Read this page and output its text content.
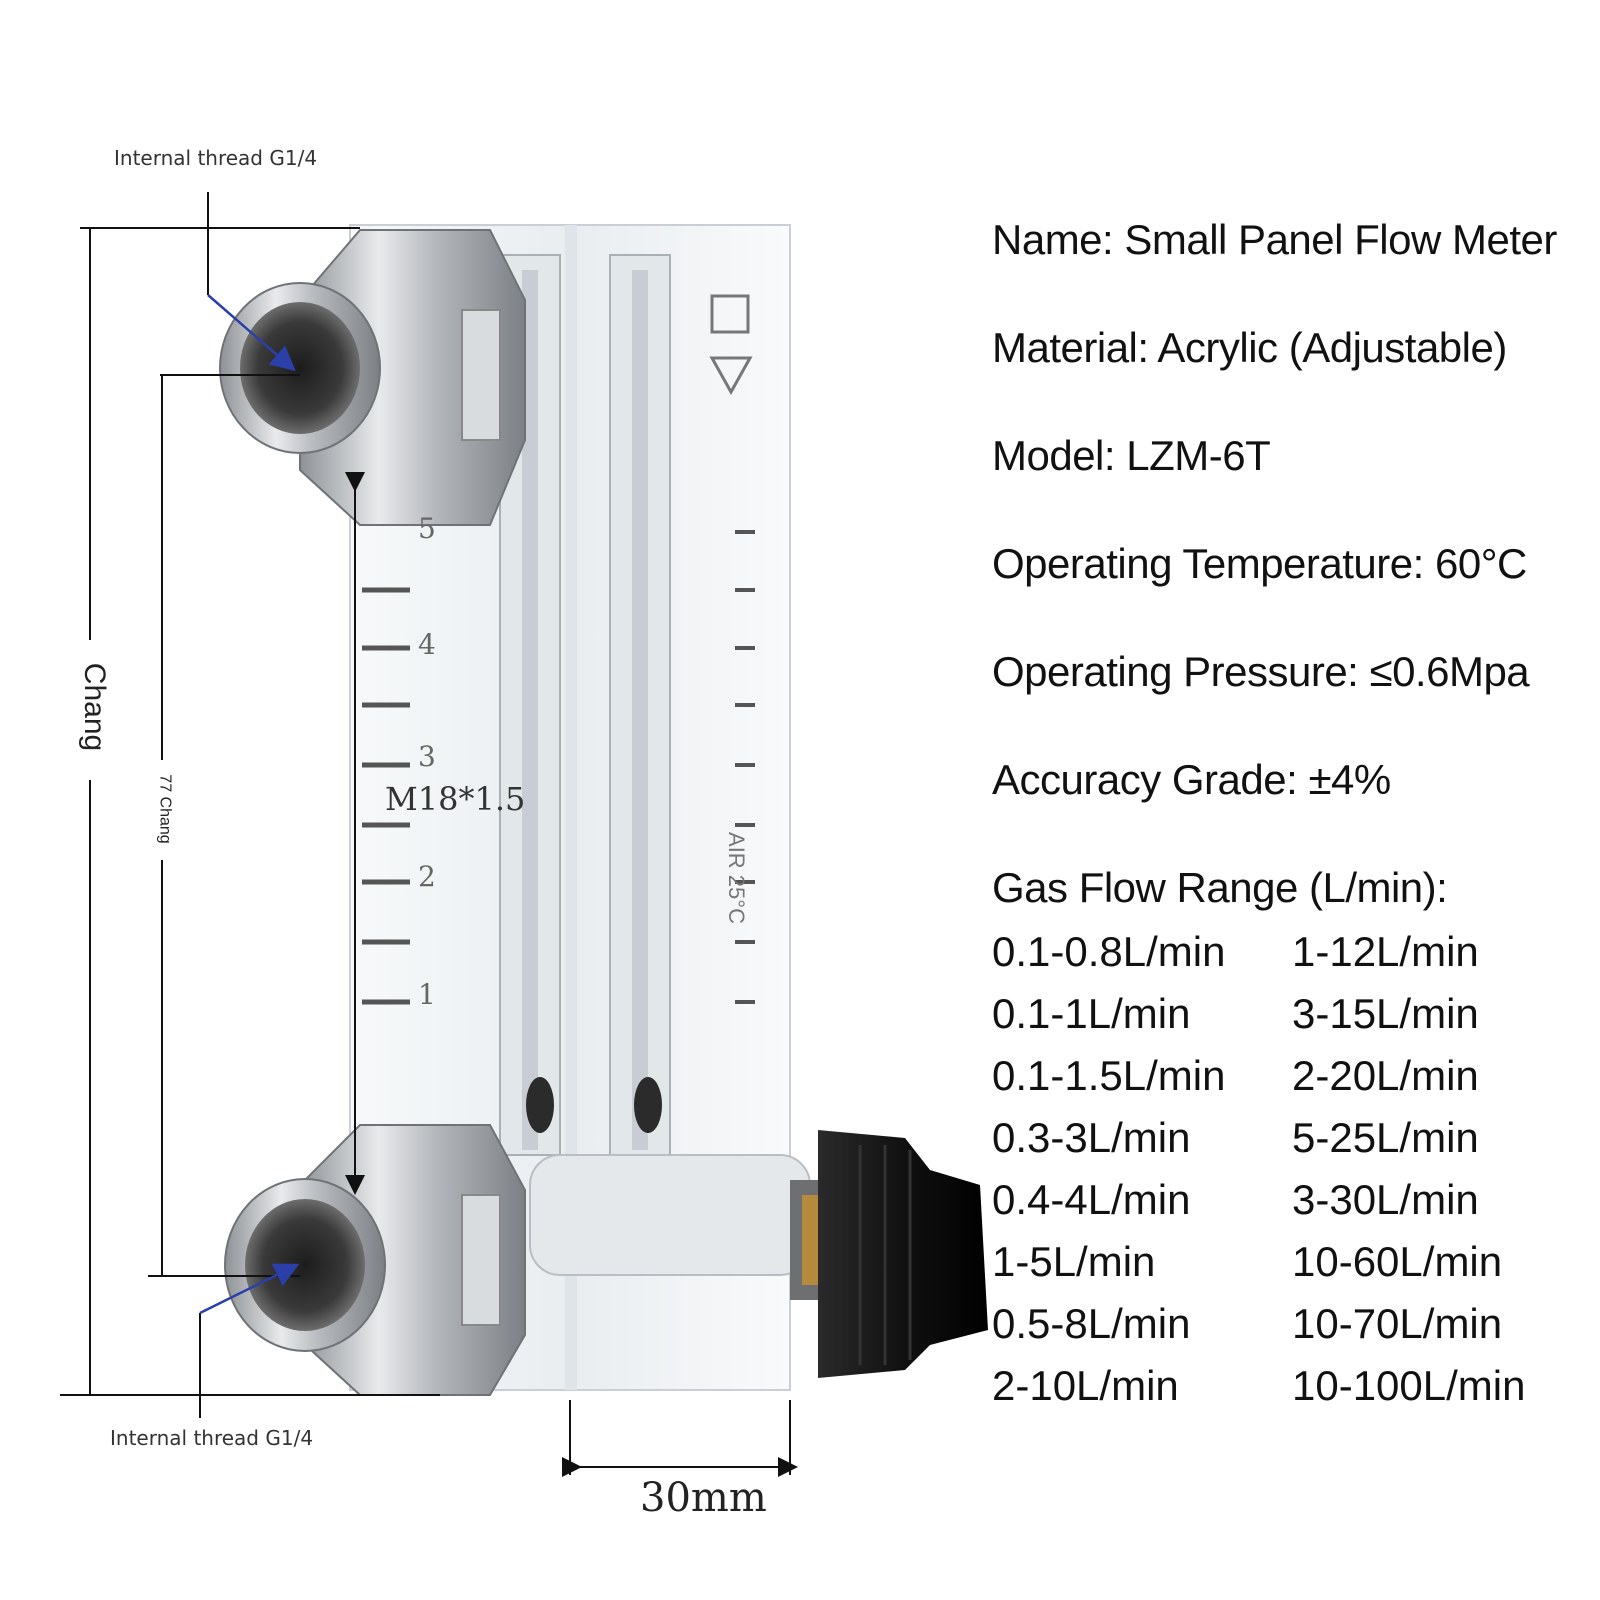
5
4
3
2
1
AIR 25°C
Internal thread G1/4
Internal thread G1/4
Chang
77 Chang	M18*1.5
30mm
Name: Small Panel Flow Meter
Material: Acrylic (Adjustable)
Model: LZM-6T
Operating Temperature: 60°C
Operating Pressure: ≤0.6Mpa
Accuracy Grade: ±4%
Gas Flow Range (L/min):
0.1-0.8L/min
0.1-1L/min
0.1-1.5L/min
0.3-3L/min
0.4-4L/min
1-5L/min
0.5-8L/min
2-10L/min
1-12L/min
3-15L/min
2-20L/min
5-25L/min
3-30L/min
10-60L/min
10-70L/min
10-100L/min
